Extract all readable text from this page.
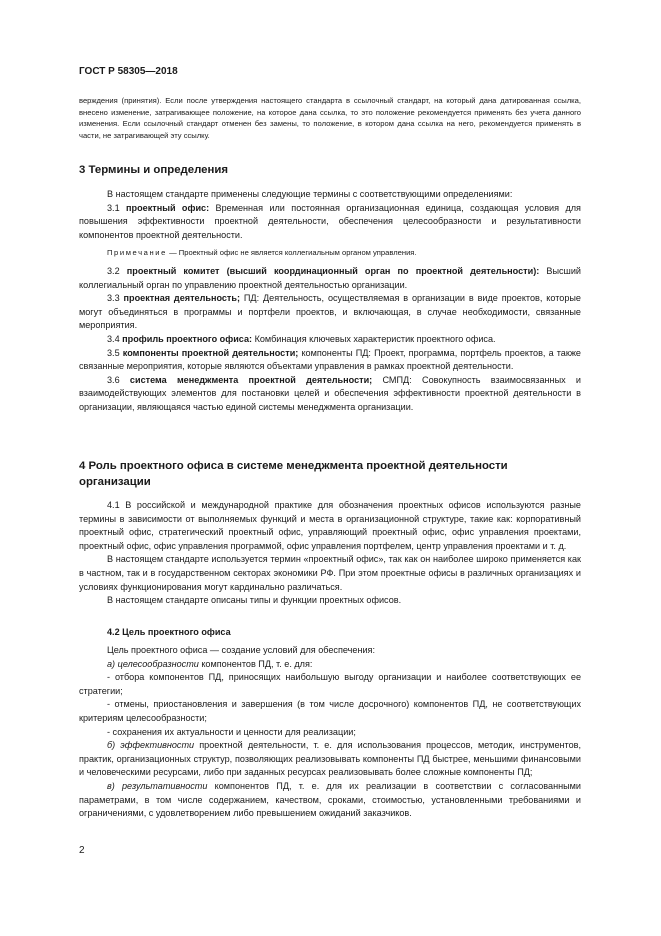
ГОСТ Р 58305—2018

верждения (принятия). Если после утверждения настоящего стандарта в ссылочный стандарт, на который дана датированная ссылка, внесено изменение, затрагивающее положение, на которое дана ссылка, то это положение рекомендуется применять без учета данного изменения. Если ссылочный стандарт отменен без замены, то положение, в котором дана ссылка на него, рекомендуется применять в части, не затрагивающей эту ссылку.

3 Термины и определения

В настоящем стандарте применены следующие термины с соответствующими определениями:

3.1 проектный офис: Временная или постоянная организационная единица, создающая условия для повышения эффективности проектной деятельности, обеспечения целесообразности и результативности компонентов проектной деятельности.

Примечание — Проектный офис не является коллегиальным органом управления.

3.2 проектный комитет (высший координационный орган по проектной деятельности): Высший коллегиальный орган по управлению проектной деятельностью организации.

3.3 проектная деятельность; ПД: Деятельность, осуществляемая в организации в виде проектов, которые могут объединяться в программы и портфели проектов, и включающая, в случае необходимости, связанные мероприятия.

3.4 профиль проектного офиса: Комбинация ключевых характеристик проектного офиса.

3.5 компоненты проектной деятельности; компоненты ПД: Проект, программа, портфель проектов, а также связанные мероприятия, которые являются объектами управления в рамках проектной деятельности.

3.6 система менеджмента проектной деятельности; СМПД: Совокупность взаимосвязанных и взаимодействующих элементов для постановки целей и обеспечения эффективности проектной деятельности в организации, являющаяся частью единой системы менеджмента организации.

4 Роль проектного офиса в системе менеджмента проектной деятельности организации

4.1 В российской и международной практике для обозначения проектных офисов используются разные термины в зависимости от выполняемых функций и места в организационной структуре, такие как: корпоративный проектный офис, стратегический проектный офис, управляющий проектный офис, офис управления проектами, проектный офис, офис управления программой, офис управления портфелем, центр управления проектами и т. д.

В настоящем стандарте используется термин «проектный офис», так как он наиболее широко применяется как в частном, так и в государственном секторах экономики РФ. При этом проектные офисы в различных организациях и условиях функционирования могут кардинально различаться.

В настоящем стандарте описаны типы и функции проектных офисов.

4.2 Цель проектного офиса

Цель проектного офиса — создание условий для обеспечения:

а) целесообразности компонентов ПД, т. е. для:

- отбора компонентов ПД, приносящих наибольшую выгоду организации и наиболее соответствующих ее стратегии;

- отмены, приостановления и завершения (в том числе досрочного) компонентов ПД, не соответствующих критериям целесообразности;

- сохранения их актуальности и ценности для реализации;

б) эффективности проектной деятельности, т. е. для использования процессов, методик, инструментов, практик, организационных структур, позволяющих реализовывать компоненты ПД быстрее, меньшими финансовыми и человеческими ресурсами, либо при заданных ресурсах реализовывать более сложные компоненты ПД;

в) результативности компонентов ПД, т. е. для их реализации в соответствии с согласованными параметрами, в том числе содержанием, качеством, сроками, стоимостью, установленными требованиями и ограничениями, с удовлетворением либо превышением ожиданий заказчиков.

2
